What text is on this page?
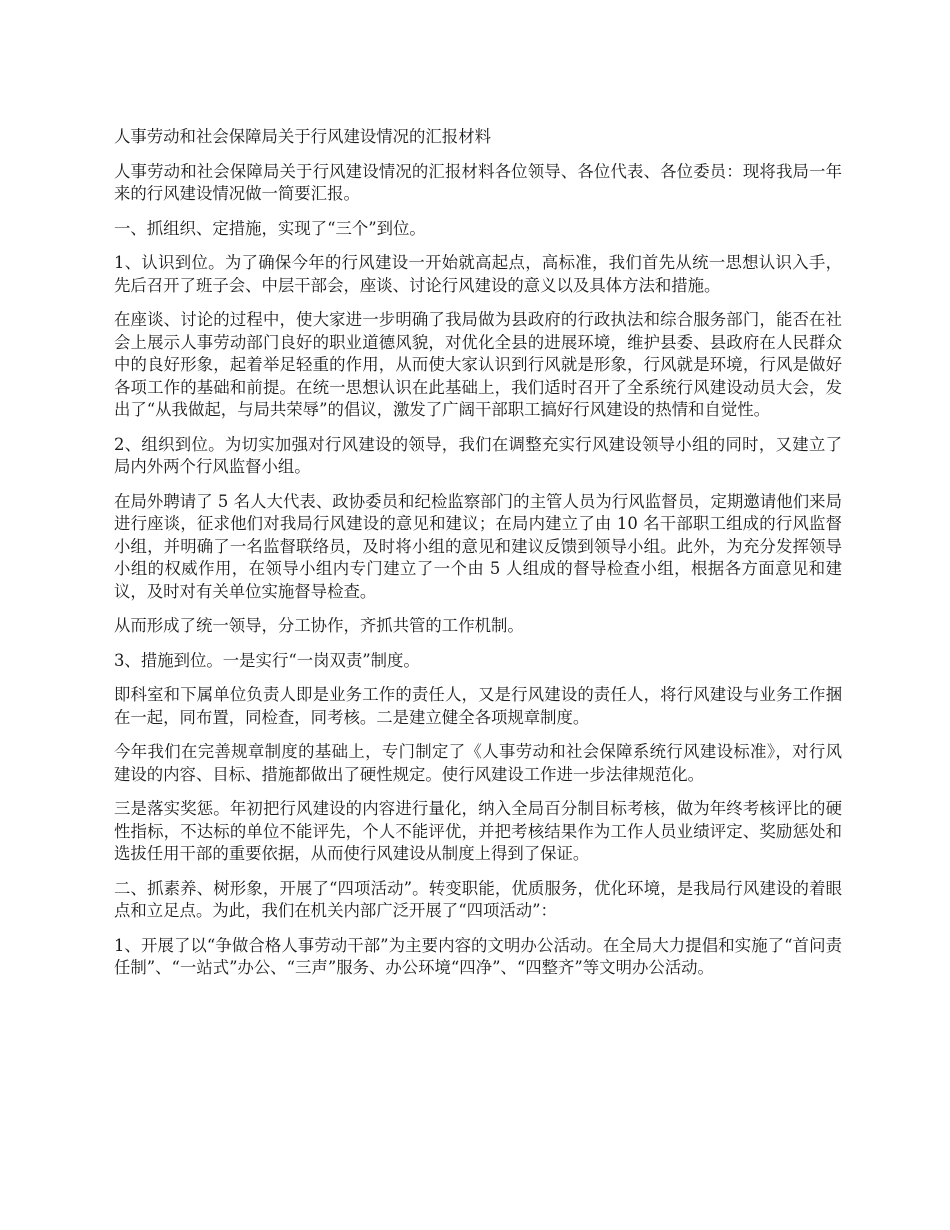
人事劳动和社会保障局关于行风建设情况的汇报材料

人事劳动和社会保障局关于行风建设情况的汇报材料各位领导、各位代表、各位委员：现将我局一年来的行风建设情况做一简要汇报。

一、抓组织、定措施，实现了“三个”到位。

1、认识到位。为了确保今年的行风建设一开始就高起点，高标准，我们首先从统一思想认识入手，先后召开了班子会、中层干部会，座谈、讨论行风建设的意义以及具体方法和措施。

在座谈、讨论的过程中，使大家进一步明确了我局做为县政府的行政执法和综合服务部门，能否在社会上展示人事劳动部门良好的职业道德风貌，对优化全县的进展环境，维护县委、县政府在人民群众中的良好形象，起着举足轻重的作用，从而使大家认识到行风就是形象，行风就是环境，行风是做好各项工作的基础和前提。在统一思想认识在此基础上，我们适时召开了全系统行风建设动员大会，发出了“从我做起，与局共荣辱”的倡议，激发了广阔干部职工搞好行风建设的热情和自觉性。

2、组织到位。为切实加强对行风建设的领导，我们在调整充实行风建设领导小组的同时，又建立了局内外两个行风监督小组。

在局外聘请了 5 名人大代表、政协委员和纪检监察部门的主管人员为行风监督员，定期邀请他们来局进行座谈，征求他们对我局行风建设的意见和建议；在局内建立了由 10 名干部职工组成的行风监督小组，并明确了一名监督联络员，及时将小组的意见和建议反馈到领导小组。此外，为充分发挥领导小组的权威作用，在领导小组内专门建立了一个由 5 人组成的督导检查小组，根据各方面意见和建议，及时对有关单位实施督导检查。

从而形成了统一领导，分工协作，齐抓共管的工作机制。

3、措施到位。一是实行“一岗双责”制度。

即科室和下属单位负责人即是业务工作的责任人，又是行风建设的责任人，将行风建设与业务工作捆在一起，同布置，同检查，同考核。二是建立健全各项规章制度。

今年我们在完善规章制度的基础上，专门制定了《人事劳动和社会保障系统行风建设标准》，对行风建设的内容、目标、措施都做出了硬性规定。使行风建设工作进一步法律规范化。

三是落实奖惩。年初把行风建设的内容进行量化，纳入全局百分制目标考核，做为年终考核评比的硬性指标，不达标的单位不能评先，个人不能评优，并把考核结果作为工作人员业绩评定、奖励惩处和选拔任用干部的重要依据，从而使行风建设从制度上得到了保证。

二、抓素养、树形象，开展了“四项活动”。转变职能，优质服务，优化环境，是我局行风建设的着眼点和立足点。为此，我们在机关内部广泛开展了“四项活动”：

1、开展了以“争做合格人事劳动干部”为主要内容的文明办公活动。在全局大力提倡和实施了“首问责任制”、“一站式”办公、“三声”服务、办公环境“四净”、“四整齐”等文明办公活动。
